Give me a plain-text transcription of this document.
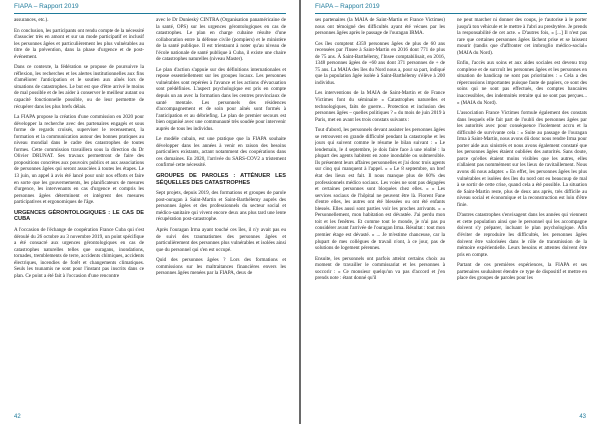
FIAPA – Rapport 2019

assurances, etc.).

En conclusion, les participants ont rendu compte de la nécessité d'associer très en amont et sur un mode participatif et inclusif les personnes âgées et particulièrement les plus vulnérables au titre de la prévention, dans la phase d'urgence et de post-événement.

Dans ce contexte, la fédération se propose de poursuivre la réflexion, les recherches et les alertes institutionnelles aux fins d'améliorer l'anticipation et le soutien aux aînés lors de situations de catastrophes. Le but est que d'être arrivé le moins de mal possible et de les aider à conserver le meilleur autant ou capacité fonctionnelle possible, ou de leur permettre de récupérer dans les plus brefs délais.

La FIAPA propose la création d'une commission en 2020 pour développer la recherche avec des partenaires engagés et sous forme de regards croisés, superviser le recensement, la formation et la communication autour des bonnes pratiques au niveau mondial dans le cadre des catastrophes de toutes formes. Cette commission travaillera sous la direction du Dr Olivier DRUNAT. Ses travaux permettront de faire des propositions concrètes aux pouvoirs publics et aux associations de personnes âgées qui seront associées à toutes les étapes. Le 13 juin, un appel à avis été lancé pour unir nos efforts et faire en sorte que les gouvernements, les planificateurs de mesures d'urgence, les intervenants en cas d'urgence et compris les personnes âgées déterminent et intègrent des mesures participatives et ergonomiques de l'âge.

URGENCES GÉRONTOLOGIQUES : LE CAS DE CUBA

A l'occasion de l'échange de coopération France Cuba qui s'est déroulé du 26 octobre au 3 novembre 2019, un point spécifique a été consacré aux urgences gérontologiques en cas de catastrophes naturelles telles que ouragans, inondations, tornades, tremblements de terre, accidents chimiques, accidents électriques, incendies de forêt et changements climatiques. Seuls les tsunamis ne sont pour l'instant pas inscrits dans ce plan. Ce point a été fait à l'occasion d'une rencontre

avec le Dr Dunieský CINTRA (Organisation panaméricaine de la santé, OPS) sur les urgences gérontologiques en cas de catastrophes. Le plan en charge cubaine résulte d'une collaboration entre la défense civile (pompiers) et le ministère de la santé publique. Il est trientaunt à noter qu'au niveau de l'école nationale de santé publique à Cuba, il existe une chaire de catastrophes naturelles (niveau Master).

Le plan d'action s'appuie sur des définitions internationales et repose essentiellement sur les groupes locaux. Les personnes vulnérables sont repérées à l'avance et les actions d'évacuation sont prédéfinies. L'aspect psychologique est pris en compte depuis un an avec la formation dans les centres provinciaux de santé mentale. Les personnels des résidences d'accompagnement et de soin pour aînés sont formés à l'anticipation et au débriefing. Le plan de premier secours est bien organisé avec une communauté très soudée pour intervenir auprès de tous les individus.

Le modèle cubain, est une pratique que la FIAPA souhaite développer dans les années à venir en raison des besoins particuliers existants, actant notamment des coopérations dans ces domaines. En 2020, l'arrivée du SARS-COV2 a tristement confirmé cette nécessité.

GROUPES DE PAROLES : ATTÉNUER LES SÉQUELLES DES CATASTROPHES

Sept projets, depuis 2019, des formations et groupes de parole post-ouragan à Saint-Martin et Saint-Barthélemy auprès des personnes âgées et des professionnels du secteur social et médico-sanitaire qui vivent encore deux ans plus tard une lente récupération post-catastrophe.

Après l'ouragan Irma ayant touché ces îles, il n'y avait pas eu de suivi des traumatismes des personnes âgées et particulièrement des personnes plus vulnérables et isolées ainsi que du personnel qui s'en est occupé.

Quid des personnes âgées ? Lors des formations et commissions sur les maltraitances financières envers les personnes âgées menées par la FIAPA, deux de

42
FIAPA – Rapport 2019

ses partenaires (la MAIA de Saint-Martin et France Victimes) nous ont témoigné des difficultés ayant été vécues par les personnes âgées après le passage de l'ouragan IRMA.

Ces îles comptent 4359 personnes âgées de plus de 60 ans recensées par l'Insee à Saint-Martin en 2016 dont 771 de plus de 75 ans. À Saint-Barthélemy, l'Insee comptabilisait, en 2016, 1348 personnes âgées de +60 ans dont 371 personnes de + de 75 ans. La MAIA des îles du Nord nous a, pour sa part, indiqué que la population âgée isolée à Saint-Barthélemy s'élève à 200 individus.

Les interventions de la MAIA de Saint-Martin et de France Victimes font du séminaire « Catastrophes naturelles et technologiques, faits de guerre... Protection et inclusion des personnes âgées – quelles politiques ? » du mois de juin 2019 à Paris, met en avant les trois constats suivants :

Tout d'abord, les personnels devant assister les personnes âgées se retrouvent en grande difficulté pendant la catastrophe et les jours qui suivent comme le résume le bilan suivant : « Le lendemain, le 4 septembre, je dois faire face à une réalité : la plupart des agents habitent en zone inondable ou submersible. Ils présentent leurs affaires personnelles et j'ai donc trois agents sur cinq qui manquent à l'appel. » « Le 8 septembre, un bref état des lieux est fait. Il nous manque plus de 60% des professionnels médico sociaux. Les voies ne sont pas dégagées et certaines personnes sont bloquées chez elles. » « Les services sociaux de l'hôpital ne peuvent être là. Florent Fane d'entre elles, les autres ont été blessées ou ont été enfants blessés. Elles aussi sont parties voir les proches arrivants. » « Personnellement, mon habitation est dévastée. J'ai perdu mon toit et les fenêtres. Et comme tout le monde, je n'ai pas pu considérer avant l'arrivée de l'ouragan Irma. Résultat : tout mon premier étage est dévasté. » ... Je m'estime chanceuse, car la plupart de mes collègues de travail n'ont, à ce jour, pas de solutions de logement pérennes.

Ensuite, les personnels ont parfois atteint certains choix au moment de travailler le commissariat et les personnes à soccorir : « Ce monsieur quelqu'un va pas d'accord et j'en prends note : étant donné qu'il

ne peut marcher ni donner des coups, je t'autorise à le porter jusqu'à ton véhicule et le mettre à l'abri au presbytère. Je prends la responsabilité de cet acte. » D'autres fois, « [...] Il n'est pas rare que certaines personnes âgées lâchent prise et se laissent mourir (tandis que d'affronter cet imbroglio médico-social» (MAIA du Nord).

Enfin, l'accès aux soins et aux aides sociales est devenu trop complexe et de surcroît les personnes âgées et les personnes en situation de handicap ne sont pas prioritaires : « Cela a des répercussions importantes puisque faute de papiers, ce sont des soins qui ne sont pas effectués, des comptes bancaires inaccessibles, des indemnités retraite qui ne sont pas perçues... » (MAIA du Nord).

L'association France Victimes formule également des constats dans lesquels elle fait part de l'oubli des personnes âgées par les autorités avec pour conséquence l'isolement accru et la difficulté de survivante cela : « Suite au passage de l'ouragan Irma à Saint-Martin, nous avons dû donc nous rendre Irma pour porter aide aux sinistrés et nous avons également constaté que les personnes âgées étaient oubliées des autorités. Sans doute, parce qu'elles étaient moins visibles que les autres, elles n'allaient pas nommément sur les lieux de ravitaillement. Nous avons dû nous adapter. » En effet, les personnes âgées les plus vulnérables et isolées des îles du nord ont eu beaucoup de mal à se sortir de cette crise, quand cela a été possible. La situation de Saint-Martin reste, plus de deux ans après, très difficile au niveau social et économique et la reconstruction est loin d'être finie.

D'autres catastrophes s'envisagent dans les années qui viennent et cette population ainsi que le personnel qui les accompagne doivent s'y préparer, incluant le plan psychologique. Afin d'éviter de reproduire les difficultés, les personnes âgées doivent être valorisées dans le rôle de transmission de la mémoire expérientielle. Leurs besoins et attentes doivent être pris en compte.

Partant de ces premières expériences, la FIAPA et ses partenaires souhaitent étendre ce type de dispositif et mettre en place des groupes de paroles pour les

43
